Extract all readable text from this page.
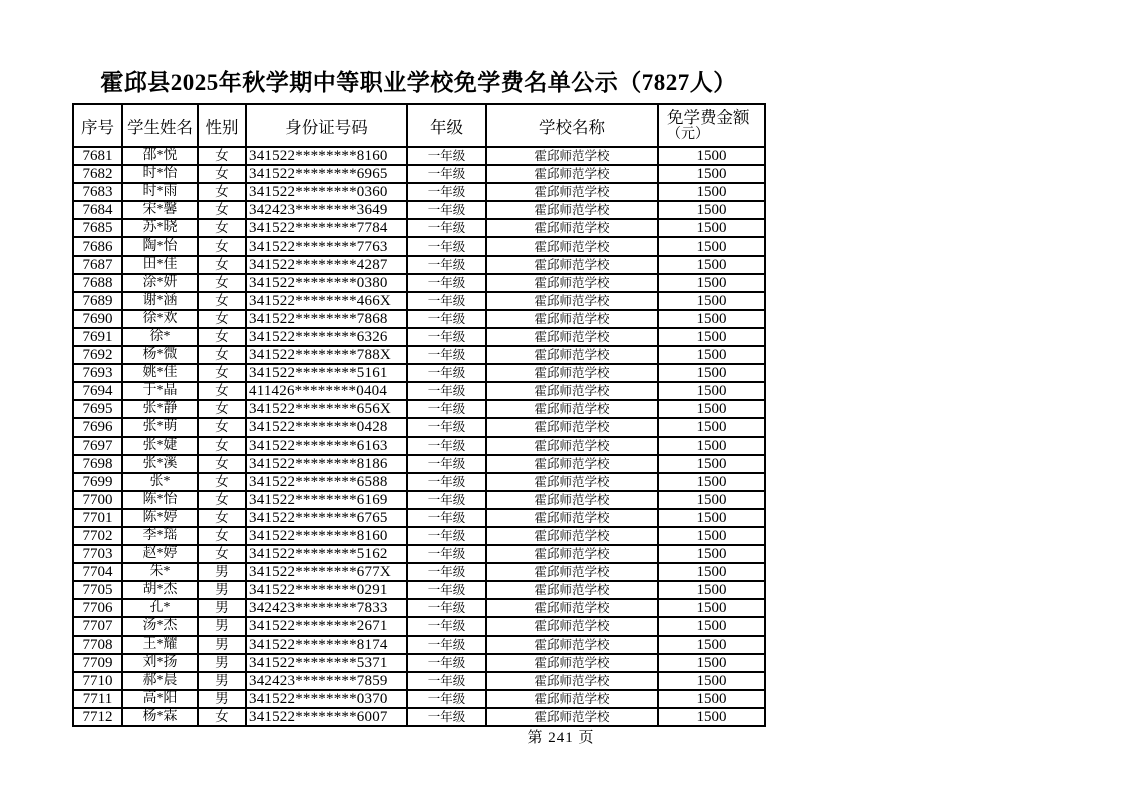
霍邱县2025年秋学期中等职业学校免学费名单公示（7827人）
序号	学生姓名	性别	身份证号码	年级	学校名称	免学费金额
（元）

7681	邵*悦	女	341522********8160	一年级	霍邱师范学校	1500
7682	时*怡	女	341522********6965	一年级	霍邱师范学校	1500
7683	时*雨	女	341522********0360	一年级	霍邱师范学校	1500
7684	宋*馨	女	342423********3649	一年级	霍邱师范学校	1500
7685	苏*晓	女	341522********7784	一年级	霍邱师范学校	1500
7686	陶*怡	女	341522********7763	一年级	霍邱师范学校	1500
7687	田*佳	女	341522********4287	一年级	霍邱师范学校	1500
7688	涂*妍	女	341522********0380	一年级	霍邱师范学校	1500
7689	谢*涵	女	341522********466X	一年级	霍邱师范学校	1500
7690	徐*欢	女	341522********7868	一年级	霍邱师范学校	1500
7691	徐*	女	341522********6326	一年级	霍邱师范学校	1500
7692	杨*微	女	341522********788X	一年级	霍邱师范学校	1500
7693	姚*佳	女	341522********5161	一年级	霍邱师范学校	1500
7694	于*晶	女	411426********0404	一年级	霍邱师范学校	1500
7695	张*静	女	341522********656X	一年级	霍邱师范学校	1500
7696	张*萌	女	341522********0428	一年级	霍邱师范学校	1500
7697	张*婕	女	341522********6163	一年级	霍邱师范学校	1500
7698	张*溪	女	341522********8186	一年级	霍邱师范学校	1500
7699	张*	女	341522********6588	一年级	霍邱师范学校	1500
7700	陈*怡	女	341522********6169	一年级	霍邱师范学校	1500
7701	陈*婷	女	341522********6765	一年级	霍邱师范学校	1500
7702	李*瑶	女	341522********8160	一年级	霍邱师范学校	1500
7703	赵*婷	女	341522********5162	一年级	霍邱师范学校	1500
7704	朱*	男	341522********677X	一年级	霍邱师范学校	1500
7705	胡*杰	男	341522********0291	一年级	霍邱师范学校	1500
7706	孔*	男	342423********7833	一年级	霍邱师范学校	1500
7707	汤*杰	男	341522********2671	一年级	霍邱师范学校	1500
7708	王*耀	男	341522********8174	一年级	霍邱师范学校	1500
7709	刘*扬	男	341522********5371	一年级	霍邱师范学校	1500
7710	郝*晨	男	342423********7859	一年级	霍邱师范学校	1500
7711	高*阳	男	341522********0370	一年级	霍邱师范学校	1500
7712	杨*霖	女	341522********6007	一年级	霍邱师范学校	1500
第 241 页
